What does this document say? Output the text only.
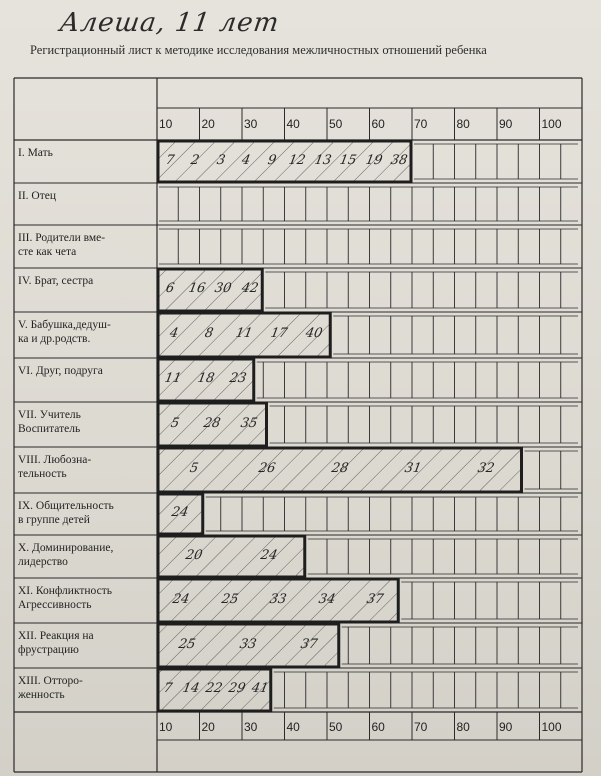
Алеша, 11 лет
Регистрационный лист к методике исследования межличностных отношений ребенка
I. Мать	7	2	3	4	9 12 13 15 19 38
II. Отец
III. Родители вме-
сте как чета
IV. Брат, сестра	6 16 30 42
V. Бабушка,дедуш-
ка и др.родств.	4	8	11	17	40
VI. Друг, подруга	11	18	23
VII. Учитель
Воспитатель	5	28	35
VIII. Любозна-
тельность	5	26	28	31	32
IX. Общительность
в группе детей	24
X. Доминирование,
лидерство	20	24
XI. Конфликтность
Агрессивность	24	25	33	34	37
XII. Реакция на
фрустрацию	25	33	37
XIII. Отторо-
женность	7 14 22 29 41
10
10
20
20
30
30
40
40
50
50
60
60
70
70
80
80
90
90
100
100
